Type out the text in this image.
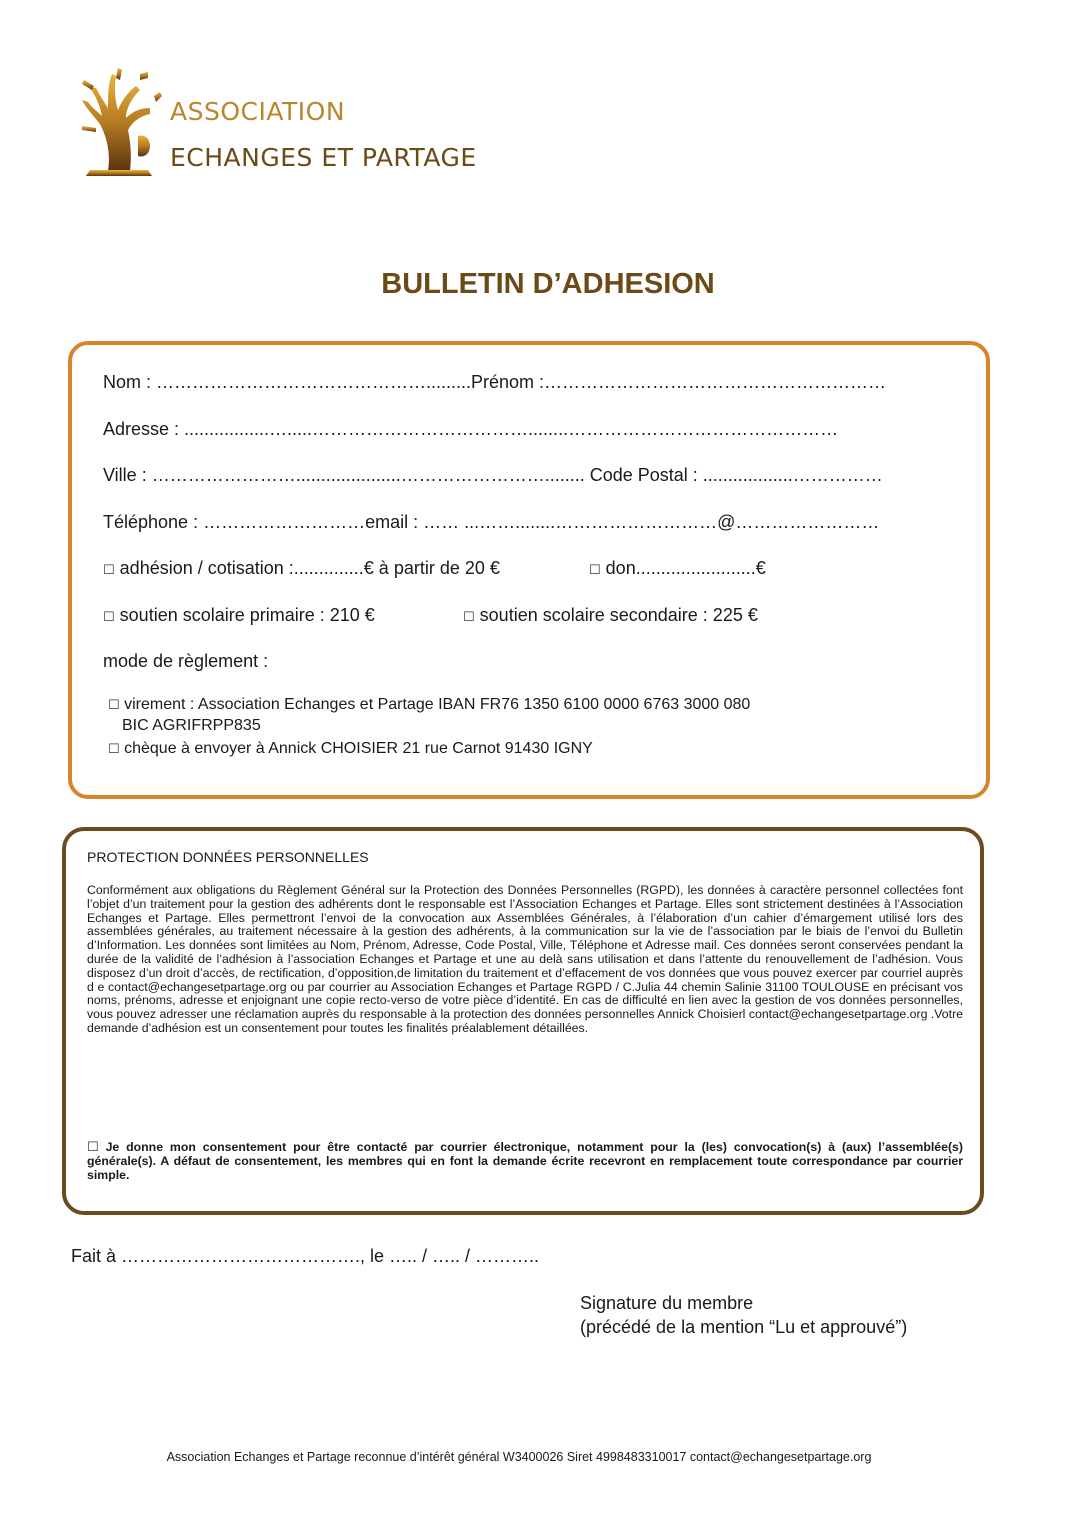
ASSOCIATION
ECHANGES ET PARTAGE
BULLETIN D’ADHESION
Nom : ……………………………………….........Prénom :…………………………………………………
Adresse : .................….....………………………………........………………………………………
Ville : …………………….....................……………………........ Code Postal : ..................……………
Téléphone : ………………………email : …… ...……........………………………@……………………
☐ adhésion / cotisation :..............€ à partir de 20 €	☐ don........................€
☐ soutien scolaire primaire : 210 €	☐ soutien scolaire secondaire : 225 €
mode de règlement :
☐ virement : Association Echanges et Partage IBAN FR76 1350 6100 0000 6763 3000 080
BIC AGRIFRPP835
☐ chèque à envoyer à Annick CHOISIER 21 rue Carnot 91430 IGNY
PROTECTION DONNÉES PERSONNELLES

Conformément aux obligations du Règlement Général sur la Protection des Données Personnelles (RGPD), les données à caractère personnel collectées font l’objet d’un traitement pour la gestion des adhérents dont le responsable est l’Association Echanges et Partage. Elles sont strictement destinées à l’Association Echanges et Partage. Elles permettront l’envoi de la convocation aux Assemblées Générales, à l’élaboration d’un cahier d’émargement utilisé lors des assemblées générales, au traitement nécessaire à la gestion des adhérents, à la communication sur la vie de l’association par le biais de l’envoi du Bulletin d’Information. Les données sont limitées au Nom, Prénom, Adresse, Code Postal, Ville, Téléphone et Adresse mail. Ces données seront conservées pendant la durée de la validité de l’adhésion à l’association Echanges et Partage et une au delà sans utilisation et dans l’attente du renouvellement de l’adhésion. Vous disposez d’un droit d’accès, de rectification, d’opposition,de limitation du traitement et d’effacement de vos données que vous pouvez exercer par courriel auprès d e contact@echangesetpartage.org ou par courrier au Association Echanges et Partage RGPD / C.Julia 44 chemin Salinie 31100 TOULOUSE en précisant vos noms, prénoms, adresse et enjoignant une copie recto-verso de votre pièce d’identité. En cas de difficulté en lien avec la gestion de vos données personnelles, vous pouvez adresser une réclamation auprès du responsable à la protection des données personnelles Annick Choisierl contact@echangesetpartage.org .Votre demande d’adhésion est un consentement pour toutes les finalités préalablement détaillées.

☐ Je donne mon consentement pour être contacté par courrier électronique, notamment pour la (les) convocation(s) à (aux) l’assemblée(s) générale(s). A défaut de consentement, les membres qui en font la demande écrite recevront en remplacement toute correspondance par courrier simple.

Fait à …………………………………., le ….. / ….. / ………..
Signature du membre
(précédé de la mention “Lu et approuvé”)
Association Echanges et Partage reconnue d’intérêt général W3400026 Siret 4998483310017 contact@echangesetpartage.org
